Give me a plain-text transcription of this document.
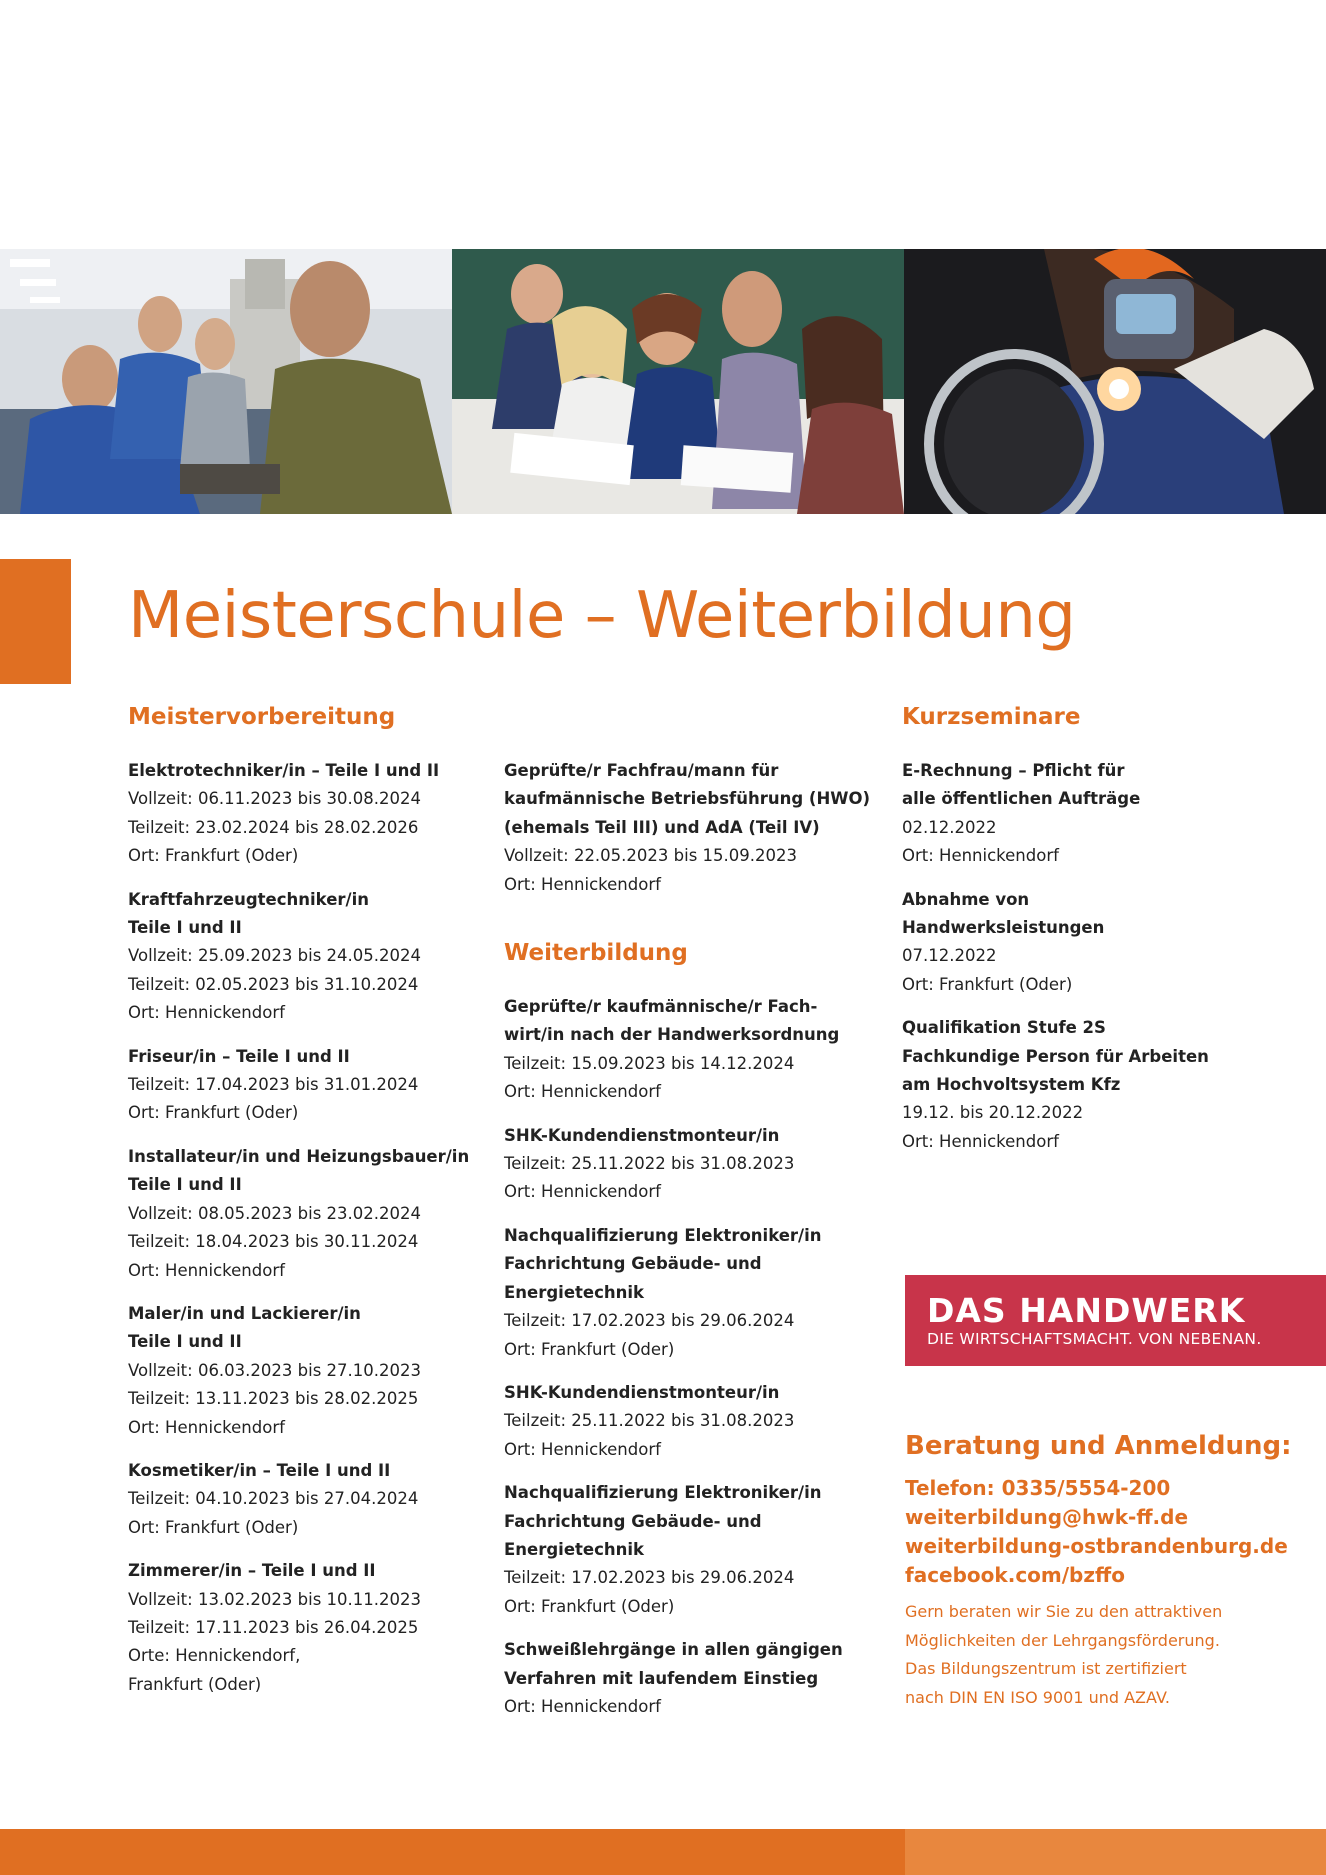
Meisterschule – Weiterbildung
Meistervorbereitung
Elektrotechniker/in – Teile I und II
Vollzeit: 06.11.2023 bis 30.08.2024
Teilzeit: 23.02.2024 bis 28.02.2026
Ort: Frankfurt (Oder)
Kraftfahrzeugtechniker/in
Teile I und II
Vollzeit: 25.09.2023 bis 24.05.2024
Teilzeit: 02.05.2023 bis 31.10.2024
Ort: Hennickendorf
Friseur/in – Teile I und II
Teilzeit: 17.04.2023 bis 31.01.2024
Ort: Frankfurt (Oder)
Installateur/in und Heizungsbauer/in
Teile I und II
Vollzeit: 08.05.2023 bis 23.02.2024
Teilzeit: 18.04.2023 bis 30.11.2024
Ort: Hennickendorf
Maler/in und Lackierer/in
Teile I und II
Vollzeit: 06.03.2023 bis 27.10.2023
Teilzeit: 13.11.2023 bis 28.02.2025
Ort: Hennickendorf
Kosmetiker/in – Teile I und II
Teilzeit: 04.10.2023 bis 27.04.2024
Ort: Frankfurt (Oder)
Zimmerer/in – Teile I und II
Vollzeit: 13.02.2023 bis 10.11.2023
Teilzeit: 17.11.2023 bis 26.04.2025
Orte: Hennickendorf,
Frankfurt (Oder)
Geprüfte/r Fachfrau/mann für
kaufmännische Betriebsführung (HWO)
(ehemals Teil III) und AdA (Teil IV)
Vollzeit: 22.05.2023 bis 15.09.2023
Ort: Hennickendorf
Weiterbildung
Geprüfte/r kaufmännische/r Fach-
wirt/in nach der Handwerksordnung
Teilzeit: 15.09.2023 bis 14.12.2024
Ort: Hennickendorf
SHK-Kundendienstmonteur/in
Teilzeit: 25.11.2022 bis 31.08.2023
Ort: Hennickendorf
Nachqualifizierung Elektroniker/in
Fachrichtung Gebäude- und
Energietechnik
Teilzeit: 17.02.2023 bis 29.06.2024
Ort: Frankfurt (Oder)
SHK-Kundendienstmonteur/in
Teilzeit: 25.11.2022 bis 31.08.2023
Ort: Hennickendorf
Nachqualifizierung Elektroniker/in
Fachrichtung Gebäude- und
Energietechnik
Teilzeit: 17.02.2023 bis 29.06.2024
Ort: Frankfurt (Oder)
Schweißlehrgänge in allen gängigen
Verfahren mit laufendem Einstieg
Ort: Hennickendorf
Kurzseminare
E-Rechnung – Pflicht für
alle öffentlichen Aufträge
02.12.2022
Ort: Hennickendorf
Abnahme von
Handwerksleistungen
07.12.2022
Ort: Frankfurt (Oder)
Qualifikation Stufe 2S
Fachkundige Person für Arbeiten
am Hochvoltsystem Kfz
19.12. bis 20.12.2022
Ort: Hennickendorf
DAS HANDWERK
DIE WIRTSCHAFTSMACHT. VON NEBENAN.
Beratung und Anmeldung:
Telefon: 0335/5554-200
weiterbildung@hwk-ff.de
weiterbildung-ostbrandenburg.de
facebook.com/bzffo
Gern beraten wir Sie zu den attraktiven
Möglichkeiten der Lehrgangsförderung.
Das Bildungszentrum ist zertifiziert
nach DIN EN ISO 9001 und AZAV.
